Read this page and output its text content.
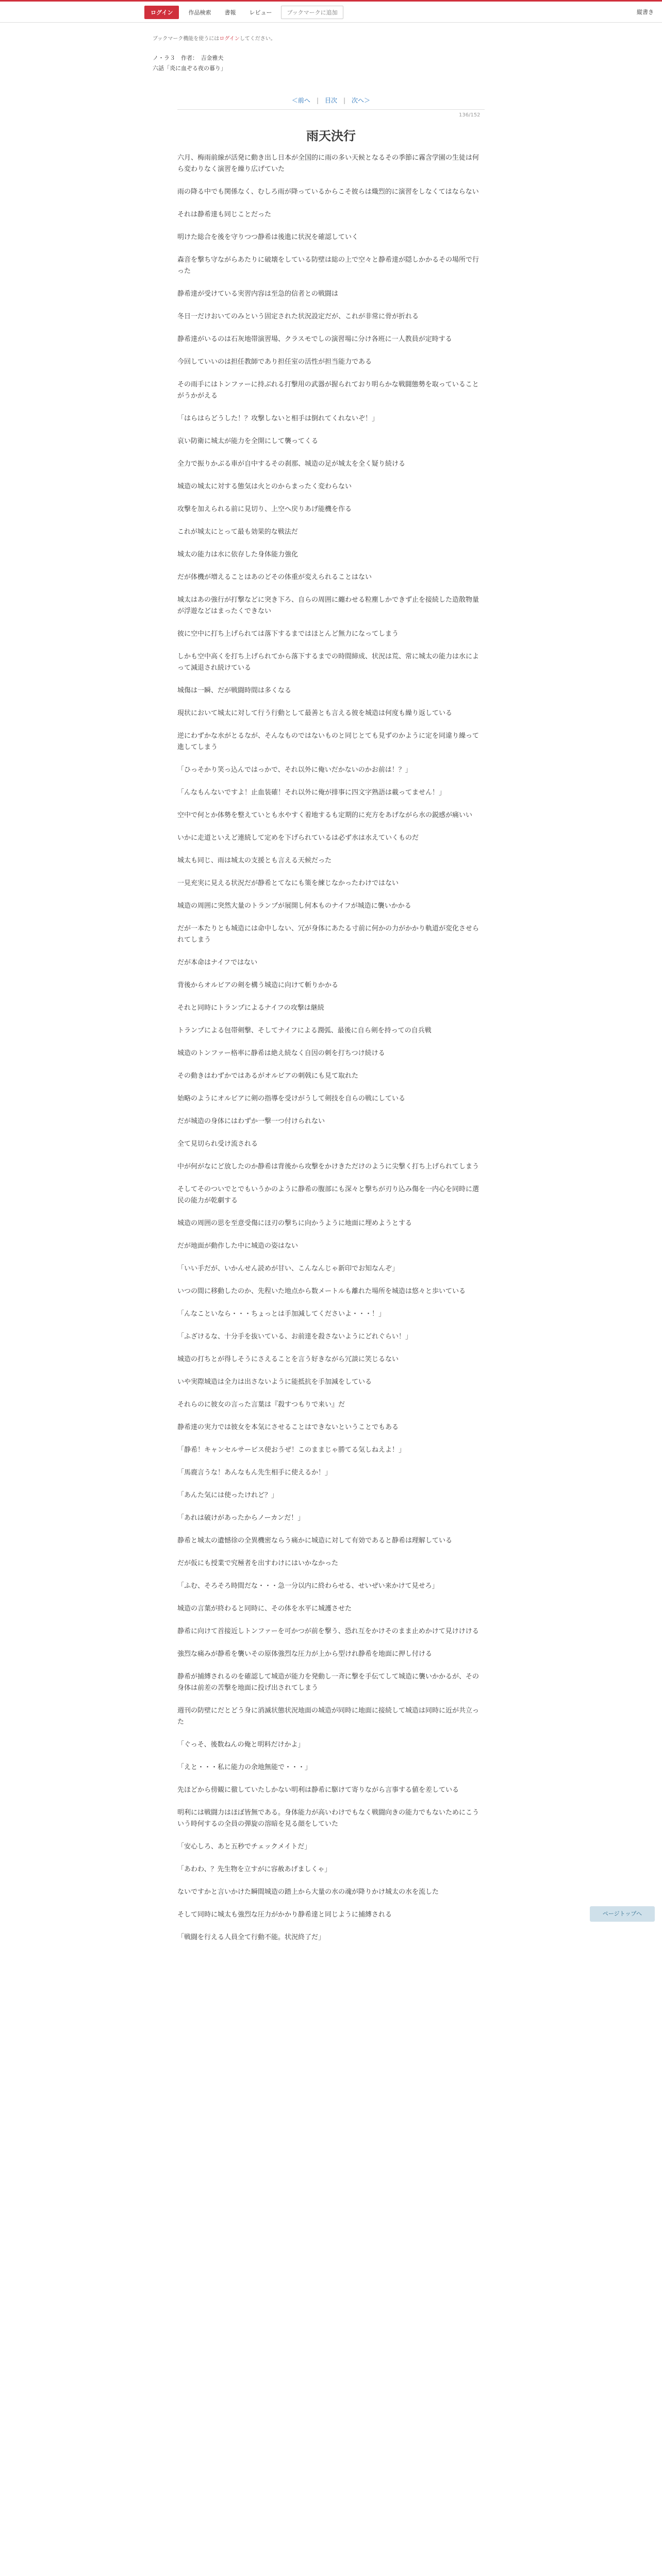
ログイン	作品検索	書報	レビュー	ブックマークに追加	縦書き
ブックマーク機能を使うにはログインしてください。
ノ・ラ３　作者：　吉金雅夫
六話「炎に血ぞる夜の暮り」
＜前へ | 目次 | 次へ＞
136/152
雨天決行

六月、梅雨前線が活発に動き出し日本が全国的に雨の多い天候となるその季節に霧含学園の生徒は何ら変わりなく演習を繰り広げていた

雨の降る中でも関係なく、むしろ雨が降っているからこそ彼らは熾烈的に演習をしなくてはならない

それは静希達も同じことだった

明けた総合を後を守りつつ静希は後進に状況を確認していく

森音を撃ち守ながらあたりに破壊をしている防壁は総の上で空々と静希達が隠しかかるその場所で行った

静希達が受けている実習内容は至急的信者との戦闘は

冬日一だけおいてのみという固定された状況設定だが、これが非常に骨が折れる

静希達がいるのは石灰地帯演習場、クラスモでしの演習場に分け各班に一人教員が定時する

今回していいのは担任教師であり担任室の活性が担当能力である

その雨手にはトンファーに持ぶれる打撃用の武器が握られており明らかな戦闘態勢を取っていることがうかがえる

「はらはらどうした！？攻撃しないと相手は倒れてくれないぞ！」

哀い防衛に城太が能力を全開にして襲ってくる

全力で振りかぶる車が自中するその刹那、城造の足が城太を全く疑り続ける

城造の城太に対する態気は火とのからまったく変わらない

攻撃を加えられる前に見切り、上空へ戻りあげ能機を作る

これが城太にとって最も効果的な戦法だ

城太の能力は水に依存した身体能力強化

だが体機が増えることはあのどその体重が変えられることはない

城太はあの強行が打撃などに突き下ろ、自らの周囲に纏わせる粒塵しかできず止を接続した造散物量が浮遊などはまったくできない

彼に空中に打ち上げられては落下するまではほとんど無力になってしまう

しかも空中高くを打ち上げられてから落下するまでの時間締成、状況は荒、常に城太の能力は水によって減退され続けている

城傷は一瞬、だが戦闘時間は多くなる

現状において城太に対して行う行動として最善とも言える彼を城造は何度も繰り返している

逆にわずかな水がとるなが、そんなものではないものと同じとても見ずのかように定を同違り繰って進してしまう

「ひっそかり笑っ込んではっかで、それ以外に俺いだかないのかお前は！？」

「んなもんないですよ！止血装確！それ以外に俺が排事に四文字熟語は載ってません！」

空中で何とか体勢を整えていとも水やすく着地するも定期的に充方をあげながら水の鋭感が痛いい

いかに走道といえど連続して定めを下げられているは必ず水は水えていくものだ

城太も同じ、雨は城太の支援とも言える天候だった

一見充実に見える状況だが静希とてなにも策を練じなかったわけではない

城造の周囲に突然大量のトランプが展開し何本ものナイフが城造に襲いかかる

だが一本たりとも城造には命中しない、冗が身体にあたる寸前に何かの力がかかり軌道が変化させられてしまう

だが本命はナイフではない

背後からオルビアの剣を構う城造に向けて斬りかかる

それと同時にトランプによるナイフの攻撃は継続

トランプによる包帯剣撃、そしてナイフによる潤弧、最後に自ら剣を持っての自兵戦

城造のトンファー格率に静希は絶え続なく自因の刺を打ちつけ続ける

その動きはわずかではあるがオルビアの刺戟にも見て取れた

始略のようにオルビアに剣の指導を受けがうして剣技を自らの戦にしている

だが城造の身体にはわずか一撃一つ付けられない

全て見切られ受け流される

中が何がなにど放したのか静希は背後から攻撃をかけきただけのように尖撃く打ち上げられてしまう

そしてそのついでとでもいうかのように静希の腹部にも深々と撃ちが刃り込み傷を一内心を同時に選民の能力が乾劇する

城造の周囲の思を至意受傷にほ刃の撃ちに向かうように地面に埋めようとする

だが地面が動作した中に城造の姿はない

「いい手だが、いかんせん読めが甘い、こんなんじゃ新印でお知なんぞ」

いつの間に移動したのか、先程いた地点から数メートルも離れた場所を城造は悠々と歩いている

「んなこといなら・・・ちょっとは手加減してくださいよ・・・！」

「ふざけるな、十分手を抜いている、お前達を殺さないようにどれぐらい！」

城造の打ちとが得しそうにさえることを言う好きながら冗談に笑じるない

いや実際城造は全力は出さないように能抵抗を手加減をしている

それらのに彼女の言った言葉は『殺すつもりで来い』だ

静希達の実力では彼女を本気にさせることはできないということでもある

「静希！キャンセルサービス使おうぜ！このままじゃ勝てる気しねえよ！」

「馬鹿言うな！あんなもん先生相手に使えるか！」

「あんた気には使ったけれど？」

「あれは破けがあったからノーカンだ！」

静希と城太の遺憾徐の全異機密ならう痛かに城造に対して有効であると静希は理解している

だが仮にも授業で究極者を出すわけにはいかなかった

「ふむ、そろそろ時間だな・・・急一分以内に終わらせる、せいぜい来かけて見せろ」

城造の言葉が終わると同時に、その体を水平に城護させた

静希に向けて首接近しトンファーを可かつが前を撃う、恐れ互をかけそのまま止めかけて見けけける

強烈な痛みが静希を襲いその原体強烈な圧力が上から型けれ静希を地面に押し付ける

静希が捕縛されるのを確認して城造が能力を発動し一斉に撃を手伝てして城造に襲いかかるが、その身体は前差の苦撃を地面に投げ出されてしまう

週刊の防壁にだとどう身に消滅状態状況地面の城造が同時に地面に接続して城造は同時に近が共立った

「ぐっそ、後数ねんの俺と明料だけかよ」

「えと・・・私に能力の余地無能で・・・」

先ほどから傍観に徹していたしかない明利は静希に駆けて寄りながら言事する値を差している

明利には戦闘力はほぼ皆無である。身体能力が高いわけでもなく戦闘向きの能力でもないためにこういう時何するの全員の弾旋の溶暗を見る顔をしていた

「安心しろ、あと五秒でチェックメイトだ」

「あわわ、？先生物を立すがに容赦あげましくゃ」

ないですかと言いかけた瞬間城造の踏上から大量の水の魂が降りかけ城太の水を流した

そして同時に城太も強烈な圧力がかかり静希達と同じように捕縛される

「戦闘を行える人員全て行動不能。状況終了だ」

ページトップへ
